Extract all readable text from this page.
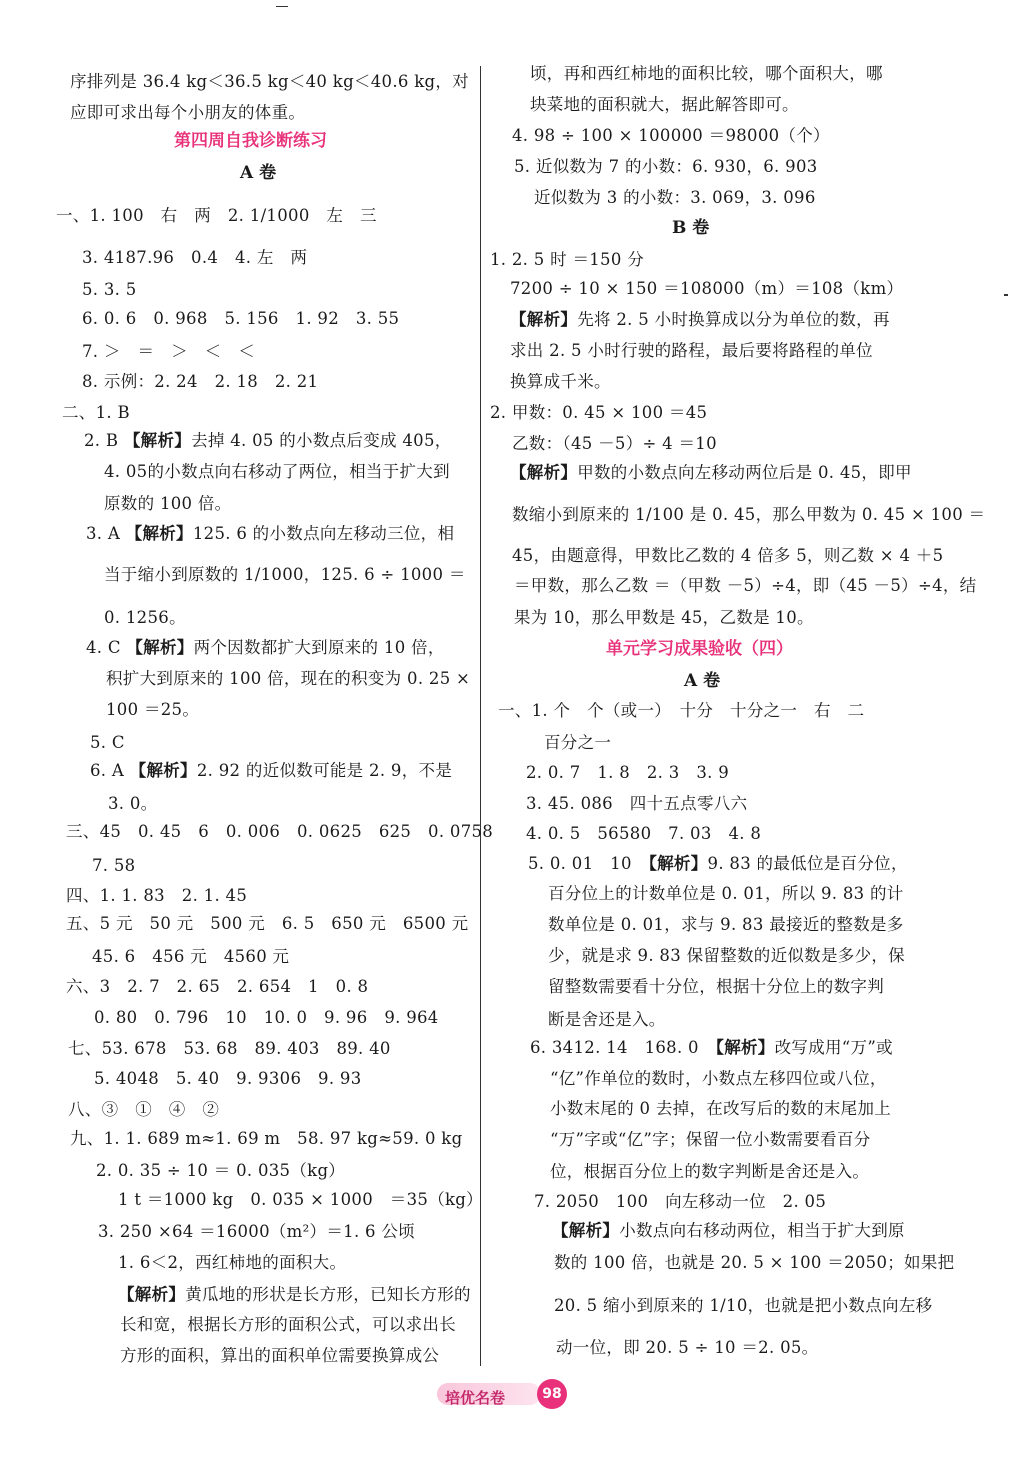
序排列是 36.4 kg＜36.5 kg＜40 kg＜40.6 kg，对
应即可求出每个小朋友的体重。
第四周自我诊断练习
A 卷
一、1. 100　右　两　2. 1/1000　左　三
3. 4187.96　0.4　4. 左　两
5. 3. 5
6. 0. 6　0. 968　5. 156　1. 92　3. 55
7. ＞　＝　＞　＜　＜
8. 示例：2. 24　2. 18　2. 21
二、1. B
2. B 【解析】去掉 4. 05 的小数点后变成 405，
4. 05的小数点向右移动了两位，相当于扩大到
原数的 100 倍。
3. A 【解析】125. 6 的小数点向左移动三位，相
当于缩小到原数的 1/1000，125. 6 ÷ 1000 ＝
0. 1256。
4. C 【解析】两个因数都扩大到原来的 10 倍，
积扩大到原来的 100 倍，现在的积变为 0. 25 ×
100 ＝25。
5. C
6. A 【解析】2. 92 的近似数可能是 2. 9，不是
3. 0。
三、45　0. 45　6　0. 006　0. 0625　625　0. 0758
7. 58
四、1. 1. 83　2. 1. 45
五、5 元　50 元　500 元　6. 5　650 元　6500 元
45. 6　456 元　4560 元
六、3　2. 7　2. 65　2. 654　1　0. 8
0. 80　0. 796　10　10. 0　9. 96　9. 964
七、53. 678　53. 68　89. 403　89. 40
5. 4048　5. 40　9. 9306　9. 93
八、③　①　④　②
九、1. 1. 689 m≈1. 69 m　58. 97 kg≈59. 0 kg
2. 0. 35 ÷ 10 ＝ 0. 035（kg）
1 t ＝1000 kg　0. 035 × 1000　＝35（kg）
3. 250 ×64 ＝16000（m²）＝1. 6 公顷
1. 6＜2，西红柿地的面积大。
【解析】黄瓜地的形状是长方形，已知长方形的
长和宽，根据长方形的面积公式，可以求出长
方形的面积，算出的面积单位需要换算成公
顷，再和西红柿地的面积比较，哪个面积大，哪
块菜地的面积就大，据此解答即可。
4. 98 ÷ 100 × 100000 ＝98000（个）
5. 近似数为 7 的小数：6. 930，6. 903
近似数为 3 的小数：3. 069，3. 096
B 卷
1. 2. 5 时 ＝150 分
7200 ÷ 10 × 150 ＝108000（m）＝108（km）
【解析】先将 2. 5 小时换算成以分为单位的数，再
求出 2. 5 小时行驶的路程，最后要将路程的单位
换算成千米。
2. 甲数：0. 45 × 100 ＝45
乙数：（45 －5）÷ 4 ＝10
【解析】甲数的小数点向左移动两位后是 0. 45，即甲
数缩小到原来的 1/100 是 0. 45，那么甲数为 0. 45 × 100 ＝
45，由题意得，甲数比乙数的 4 倍多 5，则乙数 × 4 ＋5
＝甲数，那么乙数 ＝（甲数 －5）÷4，即（45 －5）÷4，结
果为 10，那么甲数是 45，乙数是 10。
单元学习成果验收（四）
A 卷
一、1. 个　个（或一）　十分　十分之一　右　二
百分之一
2. 0. 7　1. 8　2. 3　3. 9
3. 45. 086　四十五点零八六
4. 0. 5　56580　7. 03　4. 8
5. 0. 01　10　【解析】9. 83 的最低位是百分位，
百分位上的计数单位是 0. 01，所以 9. 83 的计
数单位是 0. 01，求与 9. 83 最接近的整数是多
少，就是求 9. 83 保留整数的近似数是多少，保
留整数需要看十分位，根据十分位上的数字判
断是舍还是入。
6. 3412. 14　168. 0　【解析】改写成用“万”或
“亿”作单位的数时，小数点左移四位或八位，
小数末尾的 0 去掉，在改写后的数的末尾加上
“万”字或“亿”字；保留一位小数需要看百分
位，根据百分位上的数字判断是舍还是入。
7. 2050　100　向左移动一位　2. 05
【解析】小数点向右移动两位，相当于扩大到原
数的 100 倍，也就是 20. 5 × 100 ＝2050；如果把
20. 5 缩小到原来的 1/10，也就是把小数点向左移
动一位，即 20. 5 ÷ 10 ＝2. 05。
培优名卷	98
